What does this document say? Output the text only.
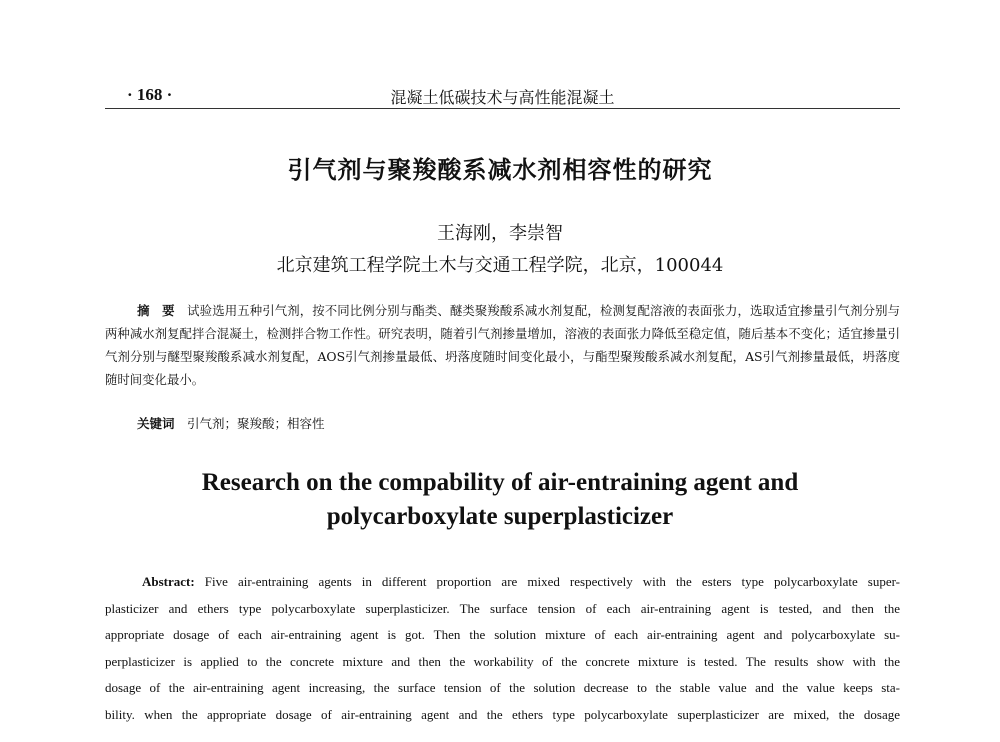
· 168 ·	混凝土低碳技术与高性能混凝土
引气剂与聚羧酸系减水剂相容性的研究
王海刚，李崇智
北京建筑工程学院土木与交通工程学院，北京，100044
摘　要　 试验选用五种引气剂，按不同比例分别与酯类、醚类聚羧酸系减水剂复配，检测复配溶液的表面张力，选取适宜掺量引气剂分别与两种减水剂复配拌合混凝土，检测拌合物工作性。研究表明，随着引气剂掺量增加，溶液的表面张力降低至稳定值，随后基本不变化；适宜掺量引气剂分别与醚型聚羧酸系减水剂复配，AOS引气剂掺量最低、坍落度随时间变化最小，与酯型聚羧酸系减水剂复配，AS引气剂掺量最低，坍落度随时间变化最小。
关键词　 引气剂；聚羧酸；相容性
Research on the compability of air-entraining agent and
polycarboxylate superplasticizer
Abstract: Five air-entraining agents in different proportion are mixed respectively with the esters type polycarboxylate super-
plasticizer and ethers type polycarboxylate superplasticizer. The surface tension of each air-entraining agent is tested, and then the
appropriate dosage of each air-entraining agent is got. Then the solution mixture of each air-entraining agent and polycarboxylate su-
perplasticizer is applied to the concrete mixture and then the workability of the concrete mixture is tested. The results show with the
dosage of the air-entraining agent increasing, the surface tension of the solution decrease to the stable value and the value keeps sta-
bility. when the appropriate dosage of air-entraining agent and the ethers type polycarboxylate superplasticizer are mixed, the dosage
